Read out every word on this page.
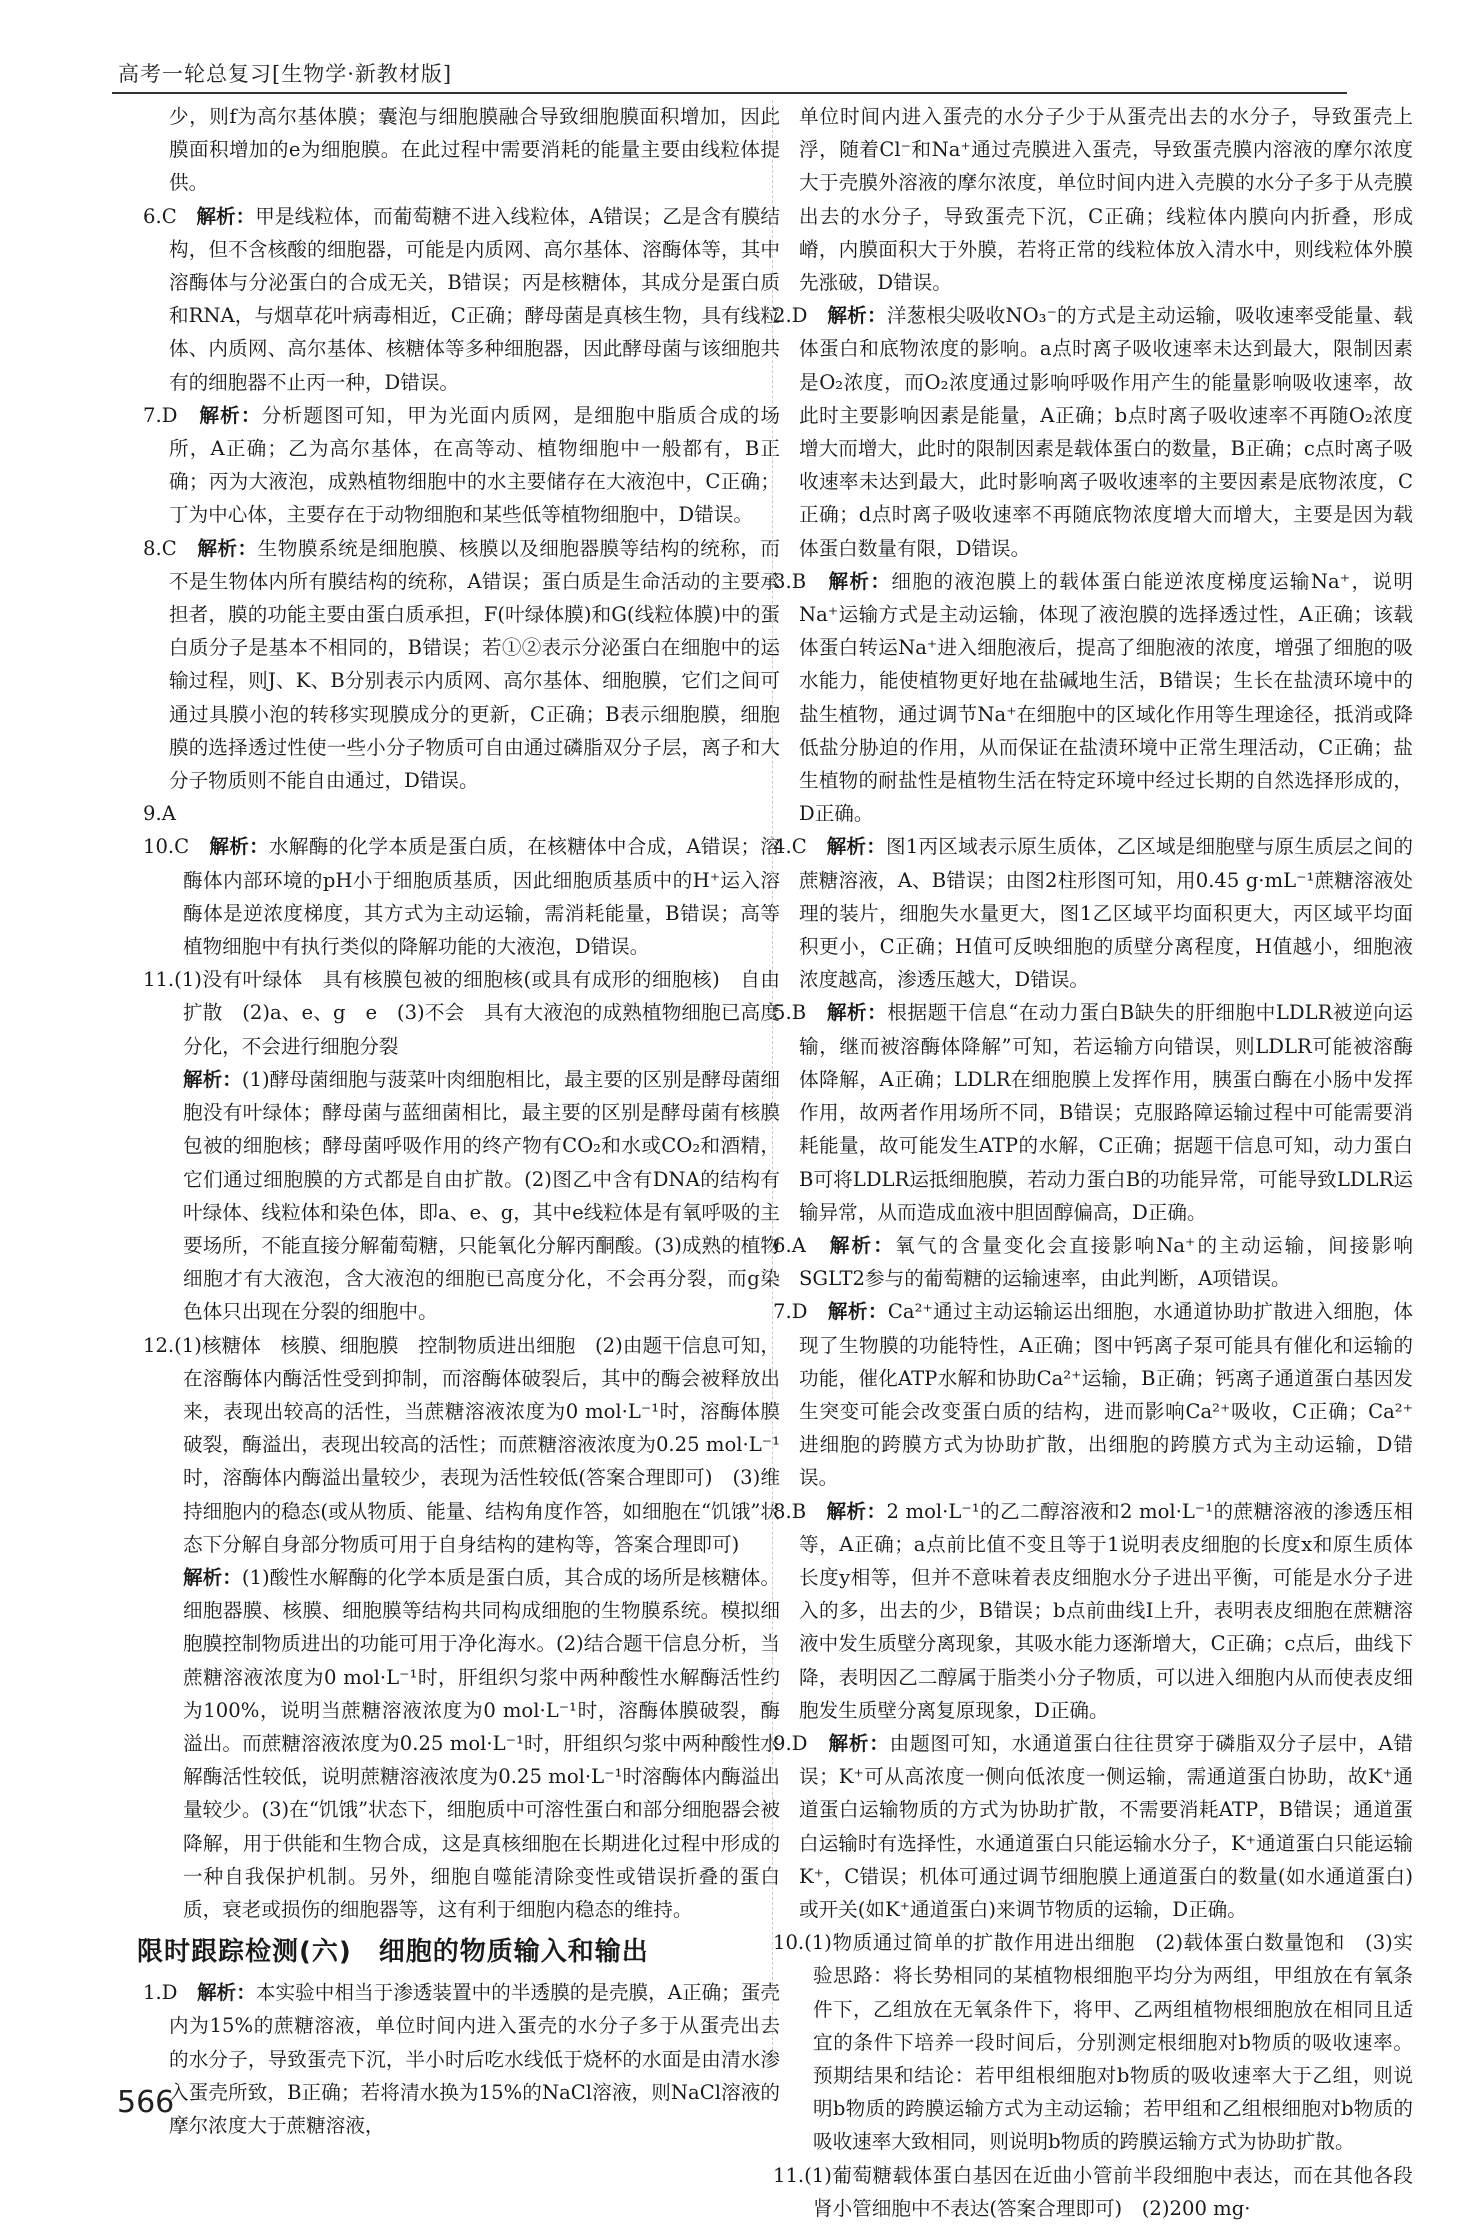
高考一轮总复习[生物学·新教材版]

少，则f为高尔基体膜；囊泡与细胞膜融合导致细胞膜面积增加，因此膜面积增加的e为细胞膜。在此过程中需要消耗的能量主要由线粒体提供。

6.C　解析：甲是线粒体，而葡萄糖不进入线粒体，A错误；乙是含有膜结构，但不含核酸的细胞器，可能是内质网、高尔基体、溶酶体等，其中溶酶体与分泌蛋白的合成无关，B错误；丙是核糖体，其成分是蛋白质和RNA，与烟草花叶病毒相近，C正确；酵母菌是真核生物，具有线粒体、内质网、高尔基体、核糖体等多种细胞器，因此酵母菌与该细胞共有的细胞器不止丙一种，D错误。

7.D　解析：分析题图可知，甲为光面内质网，是细胞中脂质合成的场所，A正确；乙为高尔基体，在高等动、植物细胞中一般都有，B正确；丙为大液泡，成熟植物细胞中的水主要储存在大液泡中，C正确；丁为中心体，主要存在于动物细胞和某些低等植物细胞中，D错误。

8.C　解析：生物膜系统是细胞膜、核膜以及细胞器膜等结构的统称，而不是生物体内所有膜结构的统称，A错误；蛋白质是生命活动的主要承担者，膜的功能主要由蛋白质承担，F(叶绿体膜)和G(线粒体膜)中的蛋白质分子是基本不相同的，B错误；若①②表示分泌蛋白在细胞中的运输过程，则J、K、B分别表示内质网、高尔基体、细胞膜，它们之间可通过具膜小泡的转移实现膜成分的更新，C正确；B表示细胞膜，细胞膜的选择透过性使一些小分子物质可自由通过磷脂双分子层，离子和大分子物质则不能自由通过，D错误。

9.A

10.C　解析：水解酶的化学本质是蛋白质，在核糖体中合成，A错误；溶酶体内部环境的pH小于细胞质基质，因此细胞质基质中的H⁺运入溶酶体是逆浓度梯度，其方式为主动运输，需消耗能量，B错误；高等植物细胞中有执行类似的降解功能的大液泡，D错误。

11.(1)没有叶绿体　具有核膜包被的细胞核(或具有成形的细胞核)　自由扩散　(2)a、e、g　e　(3)不会　具有大液泡的成熟植物细胞已高度分化，不会进行细胞分裂

解析：(1)酵母菌细胞与菠菜叶肉细胞相比，最主要的区别是酵母菌细胞没有叶绿体；酵母菌与蓝细菌相比，最主要的区别是酵母菌有核膜包被的细胞核；酵母菌呼吸作用的终产物有CO₂和水或CO₂和酒精，它们通过细胞膜的方式都是自由扩散。(2)图乙中含有DNA的结构有叶绿体、线粒体和染色体，即a、e、g，其中e线粒体是有氧呼吸的主要场所，不能直接分解葡萄糖，只能氧化分解丙酮酸。(3)成熟的植物细胞才有大液泡，含大液泡的细胞已高度分化，不会再分裂，而g染色体只出现在分裂的细胞中。

12.(1)核糖体　核膜、细胞膜　控制物质进出细胞　(2)由题干信息可知，在溶酶体内酶活性受到抑制，而溶酶体破裂后，其中的酶会被释放出来，表现出较高的活性，当蔗糖溶液浓度为0 mol·L⁻¹时，溶酶体膜破裂，酶溢出，表现出较高的活性；而蔗糖溶液浓度为0.25 mol·L⁻¹时，溶酶体内酶溢出量较少，表现为活性较低(答案合理即可)　(3)维持细胞内的稳态(或从物质、能量、结构角度作答，如细胞在“饥饿”状态下分解自身部分物质可用于自身结构的建构等，答案合理即可)

解析：(1)酸性水解酶的化学本质是蛋白质，其合成的场所是核糖体。细胞器膜、核膜、细胞膜等结构共同构成细胞的生物膜系统。模拟细胞膜控制物质进出的功能可用于净化海水。(2)结合题干信息分析，当蔗糖溶液浓度为0 mol·L⁻¹时，肝组织匀浆中两种酸性水解酶活性约为100%，说明当蔗糖溶液浓度为0 mol·L⁻¹时，溶酶体膜破裂，酶溢出。而蔗糖溶液浓度为0.25 mol·L⁻¹时，肝组织匀浆中两种酸性水解酶活性较低，说明蔗糖溶液浓度为0.25 mol·L⁻¹时溶酶体内酶溢出量较少。(3)在“饥饿”状态下，细胞质中可溶性蛋白和部分细胞器会被降解，用于供能和生物合成，这是真核细胞在长期进化过程中形成的一种自我保护机制。另外，细胞自噬能清除变性或错误折叠的蛋白质，衰老或损伤的细胞器等，这有利于细胞内稳态的维持。

限时跟踪检测(六)　细胞的物质输入和输出

1.D　解析：本实验中相当于渗透装置中的半透膜的是壳膜，A正确；蛋壳内为15%的蔗糖溶液，单位时间内进入蛋壳的水分子多于从蛋壳出去的水分子，导致蛋壳下沉，半小时后吃水线低于烧杯的水面是由清水渗入蛋壳所致，B正确；若将清水换为15%的NaCl溶液，则NaCl溶液的摩尔浓度大于蔗糖溶液，

单位时间内进入蛋壳的水分子少于从蛋壳出去的水分子，导致蛋壳上浮，随着Cl⁻和Na⁺通过壳膜进入蛋壳，导致蛋壳膜内溶液的摩尔浓度大于壳膜外溶液的摩尔浓度，单位时间内进入壳膜的水分子多于从壳膜出去的水分子，导致蛋壳下沉，C正确；线粒体内膜向内折叠，形成嵴，内膜面积大于外膜，若将正常的线粒体放入清水中，则线粒体外膜先涨破，D错误。

2.D　解析：洋葱根尖吸收NO₃⁻的方式是主动运输，吸收速率受能量、载体蛋白和底物浓度的影响。a点时离子吸收速率未达到最大，限制因素是O₂浓度，而O₂浓度通过影响呼吸作用产生的能量影响吸收速率，故此时主要影响因素是能量，A正确；b点时离子吸收速率不再随O₂浓度增大而增大，此时的限制因素是载体蛋白的数量，B正确；c点时离子吸收速率未达到最大，此时影响离子吸收速率的主要因素是底物浓度，C正确；d点时离子吸收速率不再随底物浓度增大而增大，主要是因为载体蛋白数量有限，D错误。

3.B　解析：细胞的液泡膜上的载体蛋白能逆浓度梯度运输Na⁺，说明Na⁺运输方式是主动运输，体现了液泡膜的选择透过性，A正确；该载体蛋白转运Na⁺进入细胞液后，提高了细胞液的浓度，增强了细胞的吸水能力，能使植物更好地在盐碱地生活，B错误；生长在盐渍环境中的盐生植物，通过调节Na⁺在细胞中的区域化作用等生理途径，抵消或降低盐分胁迫的作用，从而保证在盐渍环境中正常生理活动，C正确；盐生植物的耐盐性是植物生活在特定环境中经过长期的自然选择形成的，D正确。

4.C　解析：图1丙区域表示原生质体，乙区域是细胞壁与原生质层之间的蔗糖溶液，A、B错误；由图2柱形图可知，用0.45 g·mL⁻¹蔗糖溶液处理的装片，细胞失水量更大，图1乙区域平均面积更大，丙区域平均面积更小，C正确；H值可反映细胞的质壁分离程度，H值越小，细胞液浓度越高，渗透压越大，D错误。

5.B　解析：根据题干信息“在动力蛋白B缺失的肝细胞中LDLR被逆向运输，继而被溶酶体降解”可知，若运输方向错误，则LDLR可能被溶酶体降解，A正确；LDLR在细胞膜上发挥作用，胰蛋白酶在小肠中发挥作用，故两者作用场所不同，B错误；克服路障运输过程中可能需要消耗能量，故可能发生ATP的水解，C正确；据题干信息可知，动力蛋白B可将LDLR运抵细胞膜，若动力蛋白B的功能异常，可能导致LDLR运输异常，从而造成血液中胆固醇偏高，D正确。

6.A　解析：氧气的含量变化会直接影响Na⁺的主动运输，间接影响SGLT2参与的葡萄糖的运输速率，由此判断，A项错误。

7.D　解析：Ca²⁺通过主动运输运出细胞，水通道协助扩散进入细胞，体现了生物膜的功能特性，A正确；图中钙离子泵可能具有催化和运输的功能，催化ATP水解和协助Ca²⁺运输，B正确；钙离子通道蛋白基因发生突变可能会改变蛋白质的结构，进而影响Ca²⁺吸收，C正确；Ca²⁺进细胞的跨膜方式为协助扩散，出细胞的跨膜方式为主动运输，D错误。

8.B　解析：2 mol·L⁻¹的乙二醇溶液和2 mol·L⁻¹的蔗糖溶液的渗透压相等，A正确；a点前比值不变且等于1说明表皮细胞的长度x和原生质体长度y相等，但并不意味着表皮细胞水分子进出平衡，可能是水分子进入的多，出去的少，B错误；b点前曲线I上升，表明表皮细胞在蔗糖溶液中发生质壁分离现象，其吸水能力逐渐增大，C正确；c点后，曲线下降，表明因乙二醇属于脂类小分子物质，可以进入细胞内从而使表皮细胞发生质壁分离复原现象，D正确。

9.D　解析：由题图可知，水通道蛋白往往贯穿于磷脂双分子层中，A错误；K⁺可从高浓度一侧向低浓度一侧运输，需通道蛋白协助，故K⁺通道蛋白运输物质的方式为协助扩散，不需要消耗ATP，B错误；通道蛋白运输时有选择性，水通道蛋白只能运输水分子，K⁺通道蛋白只能运输K⁺，C错误；机体可通过调节细胞膜上通道蛋白的数量(如水通道蛋白)或开关(如K⁺通道蛋白)来调节物质的运输，D正确。

10.(1)物质通过简单的扩散作用进出细胞　(2)载体蛋白数量饱和　(3)实验思路：将长势相同的某植物根细胞平均分为两组，甲组放在有氧条件下，乙组放在无氧条件下，将甲、乙两组植物根细胞放在相同且适宜的条件下培养一段时间后，分别测定根细胞对b物质的吸收速率。预期结果和结论：若甲组根细胞对b物质的吸收速率大于乙组，则说明b物质的跨膜运输方式为主动运输；若甲组和乙组根细胞对b物质的吸收速率大致相同，则说明b物质的跨膜运输方式为协助扩散。

11.(1)葡萄糖载体蛋白基因在近曲小管前半段细胞中表达，而在其他各段肾小管细胞中不表达(答案合理即可)　(2)200 mg·

566
